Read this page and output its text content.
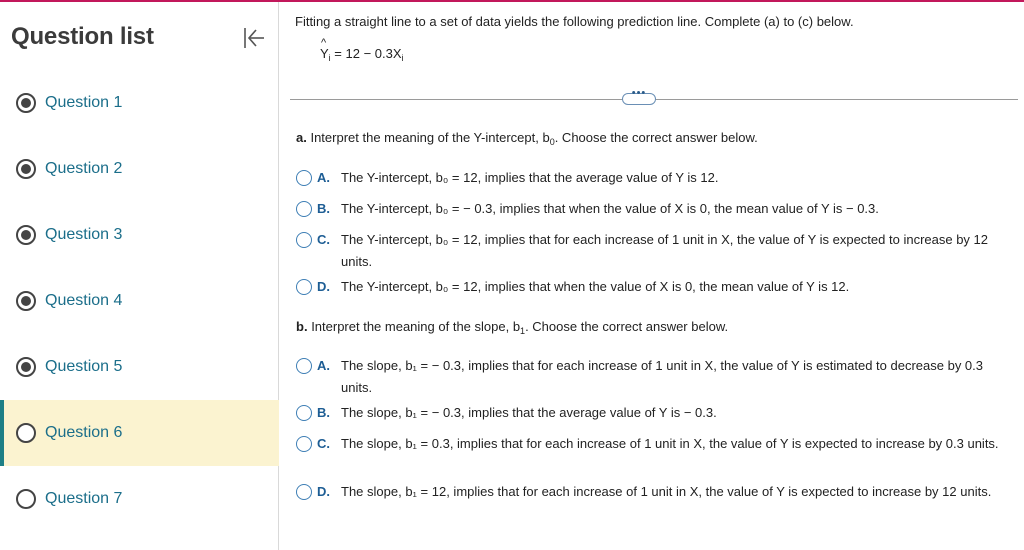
Question list
Question 1
Question 2
Question 3
Question 4
Question 5
Question 6
Question 7
Fitting a straight line to a set of data yields the following prediction line. Complete (a) to (c) below.
^
$Y_i = 12 - 0.3X_i$
•••
a. Interpret the meaning of the Y-intercept, $b_0$. Choose the correct answer below.
A. The Y-intercept, b₀ = 12, implies that the average value of Y is 12.
B. The Y-intercept, b₀ = − 0.3, implies that when the value of X is 0, the mean value of Y is − 0.3.
C. The Y-intercept, b₀ = 12, implies that for each increase of 1 unit in X, the value of Y is expected to increase by 12 units.
D. The Y-intercept, b₀ = 12, implies that when the value of X is 0, the mean value of Y is 12.
b. Interpret the meaning of the slope, $b_1$. Choose the correct answer below.
A. The slope, b₁ = − 0.3, implies that for each increase of 1 unit in X, the value of Y is estimated to decrease by 0.3 units.
B. The slope, b₁ = − 0.3, implies that the average value of Y is − 0.3.
C. The slope, b₁ = 0.3, implies that for each increase of 1 unit in X, the value of Y is expected to increase by 0.3 units.
D. The slope, b₁ = 12, implies that for each increase of 1 unit in X, the value of Y is expected to increase by 12 units.
